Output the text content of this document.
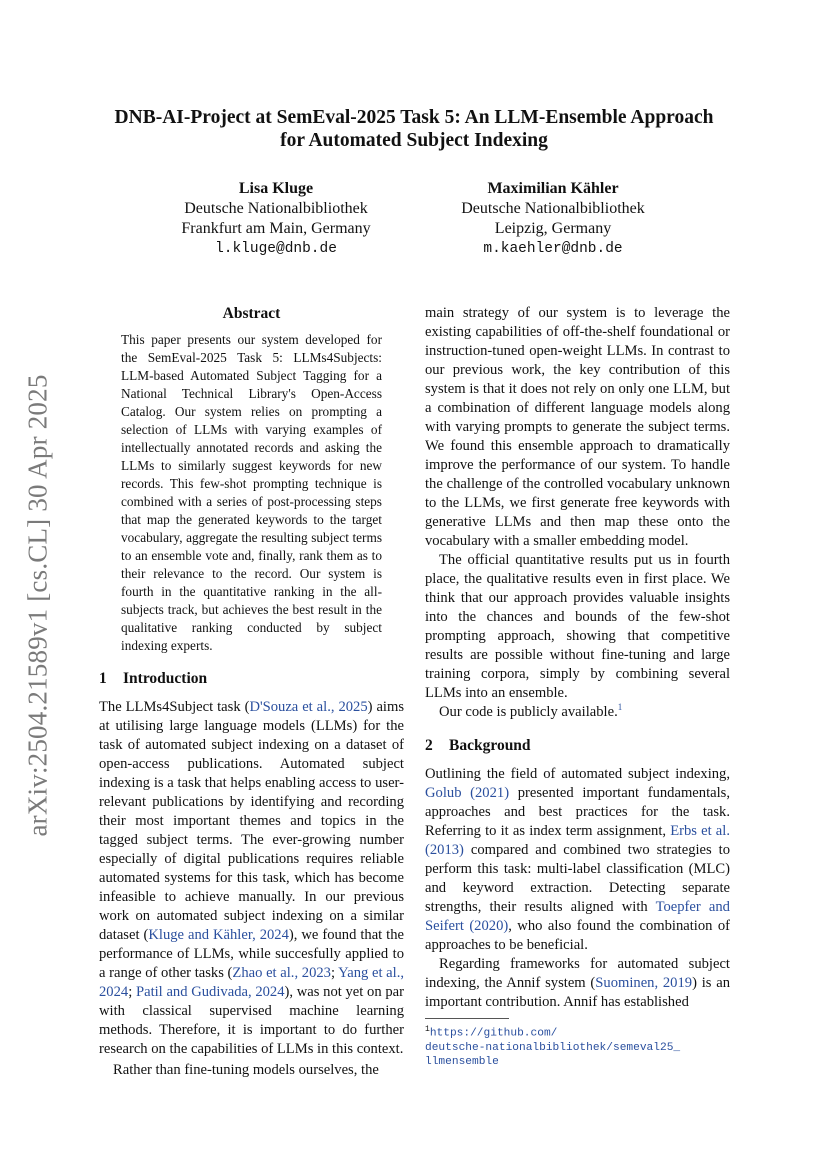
arXiv:2504.21589v1 [cs.CL] 30 Apr 2025
DNB-AI-Project at SemEval-2025 Task 5: An LLM-Ensemble Approach
for Automated Subject Indexing
Lisa Kluge
Deutsche Nationalbibliothek
Frankfurt am Main, Germany
l.kluge@dnb.de
Maximilian Kähler
Deutsche Nationalbibliothek
Leipzig, Germany
m.kaehler@dnb.de
Abstract

This paper presents our system developed for the SemEval-2025 Task 5: LLMs4Subjects: LLM-based Automated Subject Tagging for a National Technical Library's Open-Access Catalog. Our system relies on prompting a selection of LLMs with varying examples of intellectually annotated records and asking the LLMs to similarly suggest keywords for new records. This few-shot prompting technique is combined with a series of post-processing steps that map the generated keywords to the target vocabulary, aggregate the resulting subject terms to an ensemble vote and, finally, rank them as to their relevance to the record. Our system is fourth in the quantitative ranking in the all-subjects track, but achieves the best result in the qualitative ranking conducted by subject indexing experts.

1 Introduction

The LLMs4Subject task (D'Souza et al., 2025) aims at utilising large language models (LLMs) for the task of automated subject indexing on a dataset of open-access publications. Automated subject indexing is a task that helps enabling access to user-relevant publications by identifying and recording their most important themes and topics in the tagged subject terms. The ever-growing number especially of digital publications requires reliable automated systems for this task, which has become infeasible to achieve manually. In our previous work on automated subject indexing on a similar dataset (Kluge and Kähler, 2024), we found that the performance of LLMs, while succesfully applied to a range of other tasks (Zhao et al., 2023; Yang et al., 2024; Patil and Gudivada, 2024), was not yet on par with classical supervised machine learning methods. Therefore, it is important to do further research on the capabilities of LLMs in this context.

Rather than fine-tuning models ourselves, the

main strategy of our system is to leverage the existing capabilities of off-the-shelf foundational or instruction-tuned open-weight LLMs. In contrast to our previous work, the key contribution of this system is that it does not rely on only one LLM, but a combination of different language models along with varying prompts to generate the subject terms. We found this ensemble approach to dramatically improve the performance of our system. To handle the challenge of the controlled vocabulary unknown to the LLMs, we first generate free keywords with generative LLMs and then map these onto the vocabulary with a smaller embedding model.

The official quantitative results put us in fourth place, the qualitative results even in first place. We think that our approach provides valuable insights into the chances and bounds of the few-shot prompting approach, showing that competitive results are possible without fine-tuning and large training corpora, simply by combining several LLMs into an ensemble.

Our code is publicly available.$^1$

2 Background

Outlining the field of automated subject indexing, Golub (2021) presented important fundamentals, approaches and best practices for the task. Referring to it as index term assignment, Erbs et al. (2013) compared and combined two strategies to perform this task: multi-label classification (MLC) and keyword extraction. Detecting separate strengths, their results aligned with Toepfer and Seifert (2020), who also found the combination of approaches to be beneficial.

Regarding frameworks for automated subject indexing, the Annif system (Suominen, 2019) is an important contribution. Annif has established

$^1$https://github.com/
deutsche-nationalbibliothek/semeval25_
llmensemble
